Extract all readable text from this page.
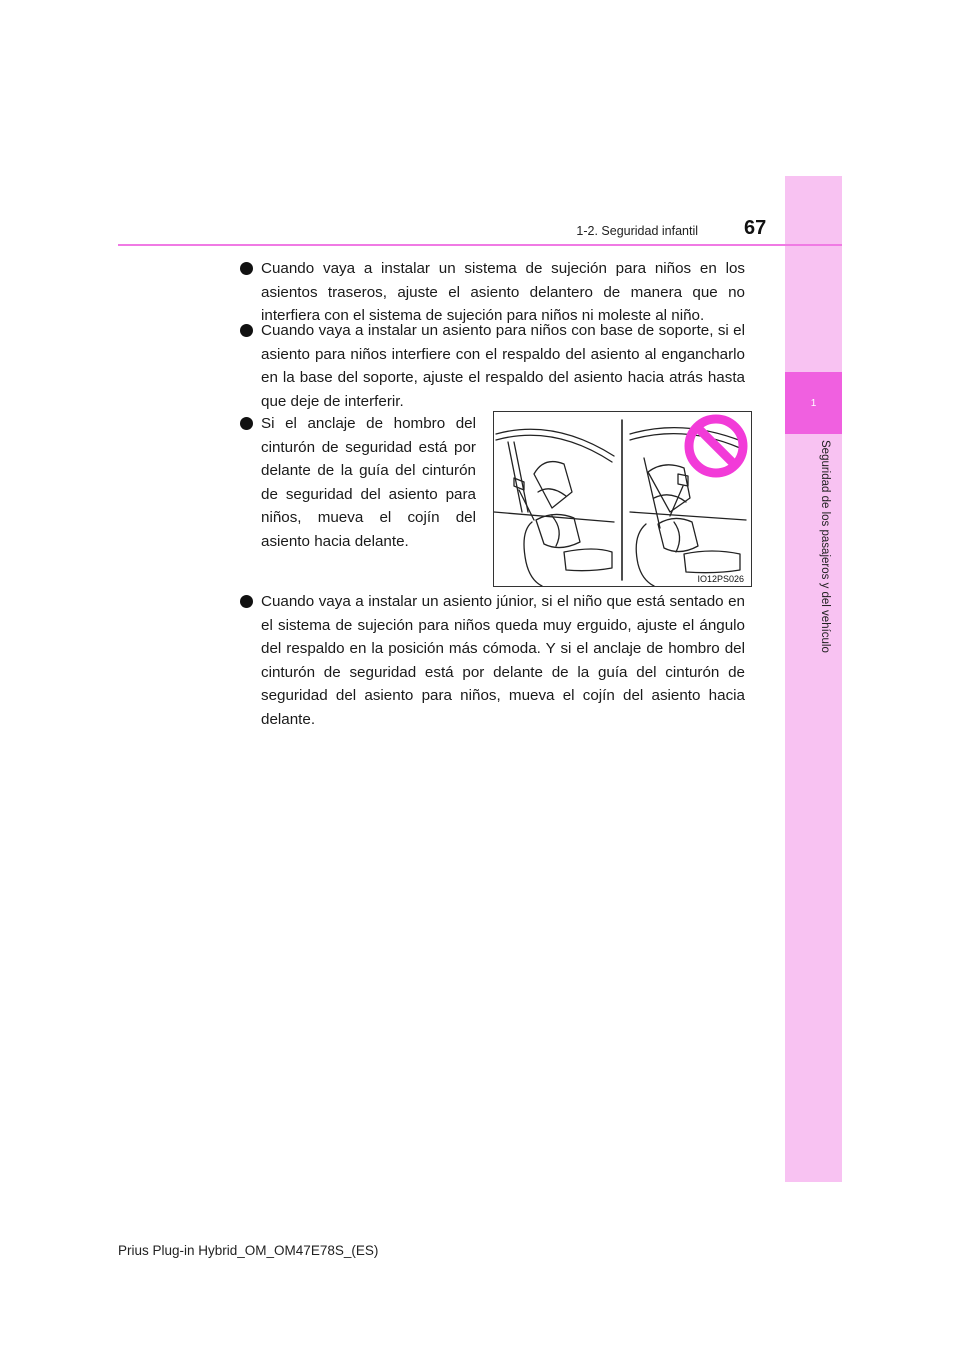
1
Seguridad de los pasajeros y del vehículo
67
1-2. Seguridad infantil
Cuando vaya a instalar un sistema de sujeción para niños en los asientos traseros, ajuste el asiento delantero de manera que no interfiera con el sistema de sujeción para niños ni moleste al niño.
Cuando vaya a instalar un asiento para niños con base de soporte, si el asiento para niños interfiere con el respaldo del asiento al engancharlo en la base del soporte, ajuste el respaldo del asiento hacia atrás hasta que deje de interferir.
Si el anclaje de hombro del cinturón de seguridad está por delante de la guía del cinturón de seguridad del asiento para niños, mueva el cojín del asiento hacia delante.
IO12PS026
Cuando vaya a instalar un asiento júnior, si el niño que está sentado en el sistema de sujeción para niños queda muy erguido, ajuste el ángulo del respaldo en la posición más cómoda. Y si el anclaje de hombro del cinturón de seguridad está por delante de la guía del cinturón de seguridad del asiento para niños, mueva el cojín del asiento hacia delante.
Prius Plug-in Hybrid_OM_OM47E78S_(ES)
